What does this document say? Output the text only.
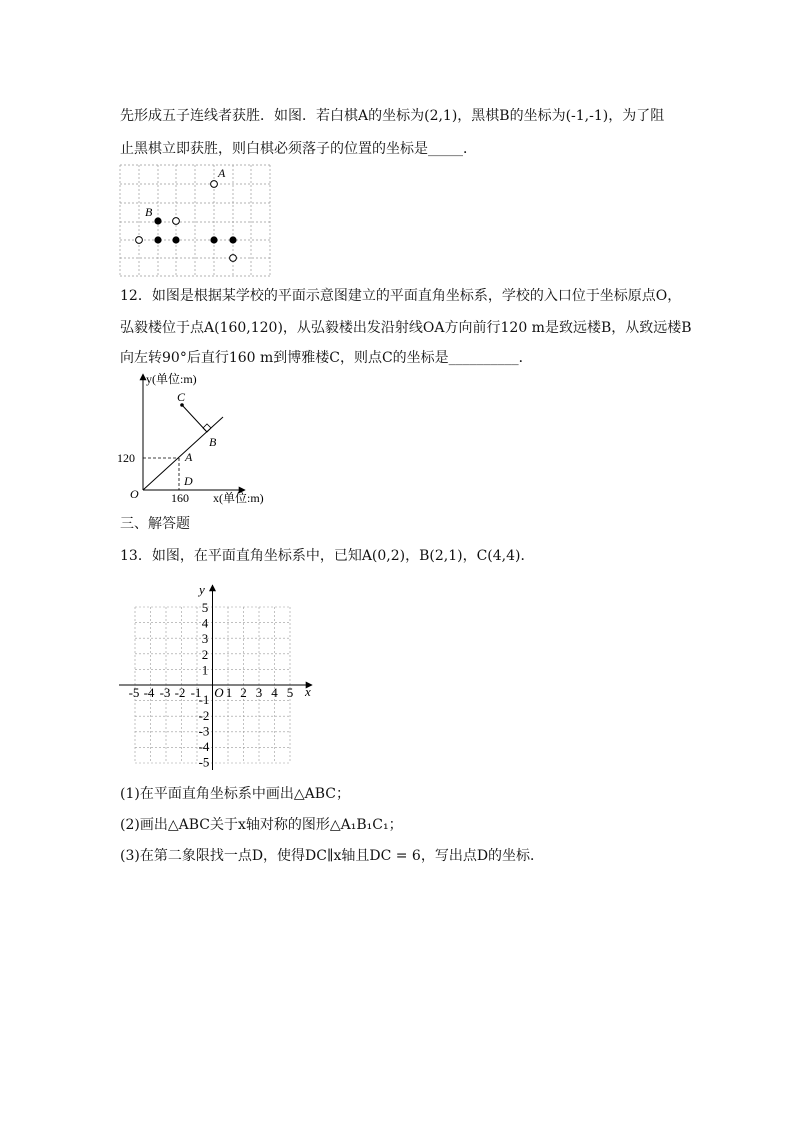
先形成五子连线者获胜．如图．若白棋A的坐标为(2,1)，黑棋B的坐标为(-1,-1)，为了阻
止黑棋立即获胜，则白棋必须落子的位置的坐标是_____．
A
B
12．如图是根据某学校的平面示意图建立的平面直角坐标系，学校的入口位于坐标原点O，
弘毅楼位于点A(160,120)，从弘毅楼出发沿射线OA方向前行120 m是致远楼B，从致远楼B
向左转90°后直行160 m到博雅楼C，则点C的坐标是__________．
y(单位:m)
x(单位:m)
120
160
O
A
B
C
D
三、解答题
13．如图，在平面直角坐标系中，已知A(0,2)，B(2,1)，C(4,4)．
y
x
5
4
3
2
1
-1
-2
-3
-4
-5
-5 -4 -3 -2 -1 O 1 2 3 4 5
(1)在平面直角坐标系中画出△ABC；
(2)画出△ABC关于x轴对称的图形△A₁B₁C₁；
(3)在第二象限找一点D，使得DC∥x轴且DC = 6，写出点D的坐标．
